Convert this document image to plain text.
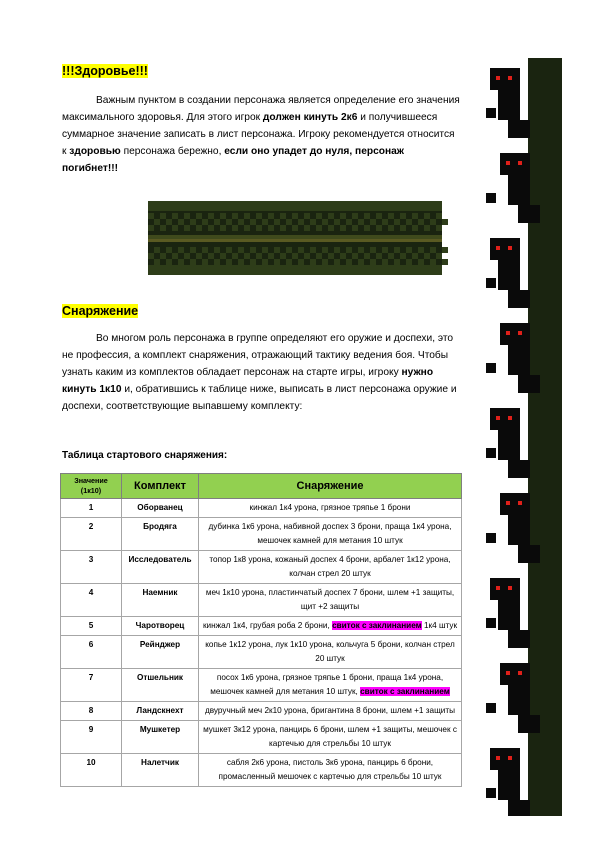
!!!Здоровье!!!
Важным пунктом в создании персонажа является определение его значения максимального здоровья. Для этого игрок должен кинуть 2к6 и получившееся суммарное значение записать в лист персонажа. Игроку рекомендуется относится к здоровью персонажа бережно, если оно упадет до нуля, персонаж погибнет!!!
Снаряжение
Во многом роль персонажа в группе определяют его оружие и доспехи, это не профессия, а комплект снаряжения, отражающий тактику ведения боя. Чтобы узнать каким из комплектов обладает персонаж на старте игры, игроку нужно кинуть 1к10 и, обратившись к таблице ниже, выписать в лист персонажа оружие и доспехи, соответствующие выпавшему комплекту:
Таблица стартового снаряжения:
Значение
(1к10)	Комплект	Снаряжение
1	Оборванец	кинжал 1к4 урона, грязное тряпье 1 брони
2	Бродяга	дубинка 1к6 урона, набивной доспех 3 брони, праща 1к4 урона, мешочек камней для метания 10 штук
3	Исследователь	топор 1к8 урона, кожаный доспех 4 брони, арбалет 1к12 урона, колчан стрел 20 штук
4	Наемник	меч 1к10 урона, пластинчатый доспех 7 брони, шлем +1 защиты, щит +2 защиты
5	Чаротворец	кинжал 1к4, грубая роба 2 брони, свиток с заклинанием 1к4 штук
6	Рейнджер	копье 1к12 урона, лук 1к10 урона, кольчуга 5 брони, колчан стрел 20 штук
7	Отшельник	посох 1к6 урона, грязное тряпье 1 брони, праща 1к4 урона, мешочек камней для метания 10 штук, свиток с заклинанием
8	Ландскнехт	двуручный меч 2к10 урона, бригантина 8 брони, шлем +1 защиты
9	Мушкетер	мушкет 3к12 урона, панцирь 6 брони, шлем +1 защиты, мешочек с картечью для стрельбы 10 штук
10	Налетчик	сабля 2к6 урона, пистоль 3к6 урона, панцирь 6 брони, промасленный мешочек с картечью для стрельбы 10 штук
